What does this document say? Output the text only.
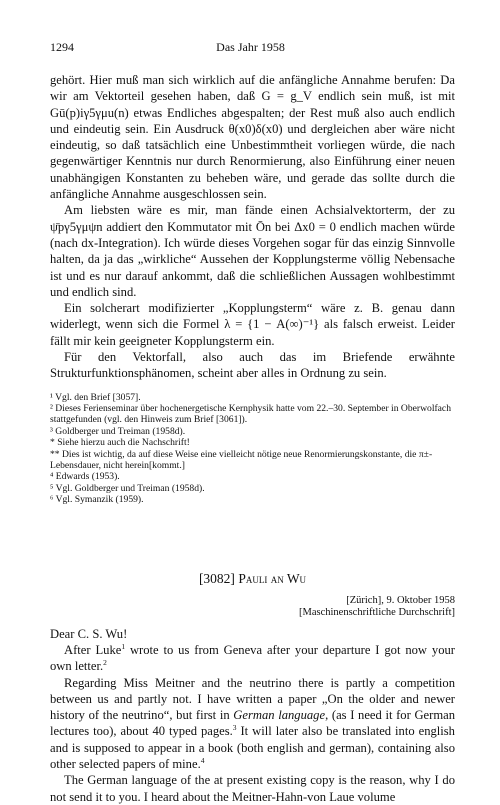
1294	Das Jahr 1958

gehört. Hier muß man sich wirklich auf die anfängliche Annahme berufen: Da wir am Vektorteil gesehen haben, daß G = g_V endlich sein muß, ist mit Gū(p)iγ5γμu(n) etwas Endliches abgespalten; der Rest muß also auch endlich und eindeutig sein. Ein Ausdruck θ(x0)δ(x0) und dergleichen aber wäre nicht eindeutig, so daß tatsächlich eine Unbestimmtheit vorliegen würde, die nach gegenwärtiger Kenntnis nur durch Renormierung, also Einführung einer neuen unabhängigen Konstanten zu beheben wäre, und gerade das sollte durch die anfängliche Annahme ausgeschlossen sein.

Am liebsten wäre es mir, man fände einen Achsialvektorterm, der zu ψ̄pγ5γμψn addiert den Kommutator mit Ōn bei Δx0 = 0 endlich machen würde (nach dx-Integration). Ich würde dieses Vorgehen sogar für das einzig Sinnvolle halten, da ja das „wirkliche“ Aussehen der Kopplungsterme völlig Nebensache ist und es nur darauf ankommt, daß die schließlichen Aussagen wohlbestimmt und endlich sind.

Ein solcherart modifizierter „Kopplungsterm“ wäre z. B. genau dann widerlegt, wenn sich die Formel λ = {1 − A(∞)⁻¹} als falsch erweist. Leider fällt mir kein geeigneter Kopplungsterm ein.

Für den Vektorfall, also auch das im Briefende erwähnte Strukturfunktionsphänomen, scheint aber alles in Ordnung zu sein.

¹ Vgl. den Brief [3057].
² Dieses Ferienseminar über hochenergetische Kernphysik hatte vom 22.–30. September in Oberwolfach stattgefunden (vgl. den Hinweis zum Brief [3061]).
³ Goldberger und Treiman (1958d).
* Siehe hierzu auch die Nachschrift!
** Dies ist wichtig, da auf diese Weise eine vielleicht nötige neue Renormierungskonstante, die π±-Lebensdauer, nicht herein[kommt.]
⁴ Edwards (1953).
⁵ Vgl. Goldberger und Treiman (1958d).
⁶ Vgl. Symanzik (1959).
[3082] Pauli an Wu
[Zürich], 9. Oktober 1958
[Maschinenschriftliche Durchschrift]

Dear C. S. Wu!

After Luke$^1$ wrote to us from Geneva after your departure I got now your own letter.$^2$

Regarding Miss Meitner and the neutrino there is partly a competition between us and partly not. I have written a paper „On the older and newer history of the neutrino“, but first in German language, (as I need it for German lectures too), about 40 typed pages.$^3$ It will later also be translated into english and is supposed to appear in a book (both english and german), containing also other selected papers of mine.$^4$

The German language of the at present existing copy is the reason, why I do not send it to you. I heard about the Meitner-Hahn-von Laue volume
